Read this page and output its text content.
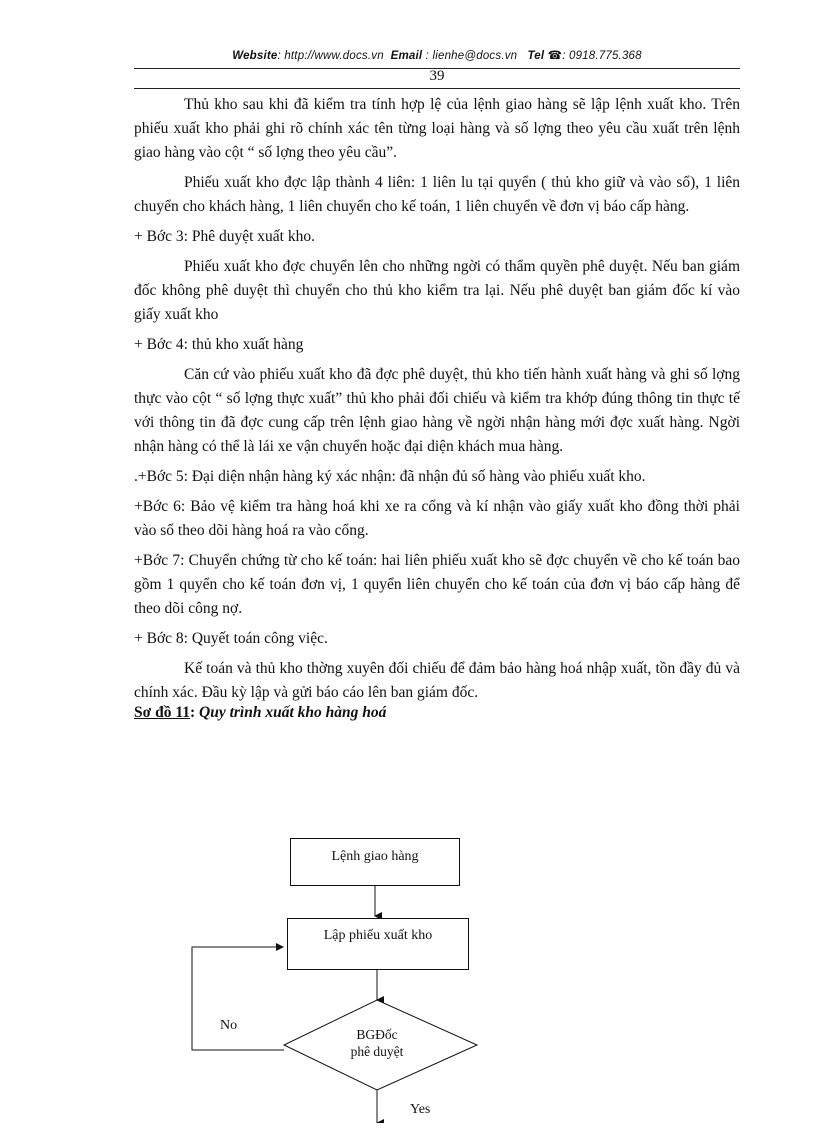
Website: http://www.docs.vn Email : lienhe@docs.vn Tel ☎: 0918.775.368
39

Thủ kho sau khi đã kiểm tra tính hợp lệ của lệnh giao hàng sẽ lập lệnh xuất kho. Trên phiếu xuất kho phải ghi rõ chính xác tên từng loại hàng và số lợng theo yêu cầu xuất trên lệnh giao hàng vào cột “ số lợng theo yêu cầu”.

Phiếu xuất kho đợc lập thành 4 liên: 1 liên lu tại quyển ( thủ kho giữ và vào sổ), 1 liên chuyển cho khách hàng, 1 liên chuyển cho kế toán, 1 liên chuyển về đơn vị báo cấp hàng.

+ Bớc 3: Phê duyệt xuất kho.

Phiếu xuất kho đợc chuyển lên cho những ngời có thẩm quyền phê duyệt. Nếu ban giám đốc không phê duyệt thì chuyển cho thủ kho kiểm tra lại. Nếu phê duyệt ban giám đốc kí vào giấy xuất kho

+ Bớc 4: thủ kho xuất hàng

Căn cứ vào phiếu xuất kho đã đợc phê duyệt, thủ kho tiến hành xuất hàng và ghi số lợng thực vào cột “ số lợng thực xuất” thủ kho phải đối chiếu và kiểm tra khớp đúng thông tin thực tế với thông tin đã đợc cung cấp trên lệnh giao hàng về ngời nhận hàng mới đợc xuất hàng. Ngời nhận hàng có thể là lái xe vận chuyển hoặc đại diện khách mua hàng.

.+Bớc 5: Đại diện nhận hàng ký xác nhận: đã nhận đủ số hàng vào phiếu xuất kho.

+Bớc 6: Bảo vệ kiểm tra hàng hoá khi xe ra cổng và kí nhận vào giấy xuất kho đồng thời phải vào sổ theo dõi hàng hoá ra vào cổng.

+Bớc 7: Chuyển chứng từ cho kế toán: hai liên phiếu xuất kho sẽ đợc chuyển về cho kế toán bao gồm 1 quyển cho kế toán đơn vị, 1 quyển liên chuyển cho kế toán của đơn vị báo cấp hàng để theo dõi công nợ.

+ Bớc 8: Quyết toán công việc.

Kế toán và thủ kho thờng xuyên đối chiếu để đảm bảo hàng hoá nhập xuất, tồn đầy đủ và chính xác. Đầu kỳ lập và gửi báo cáo lên ban giám đốc.

Sơ đồ 11: Quy trình xuất kho hàng hoá

Lệnh giao hàng
Lập phiếu xuất kho
BGĐốc
phê duyệt
No
Yes
